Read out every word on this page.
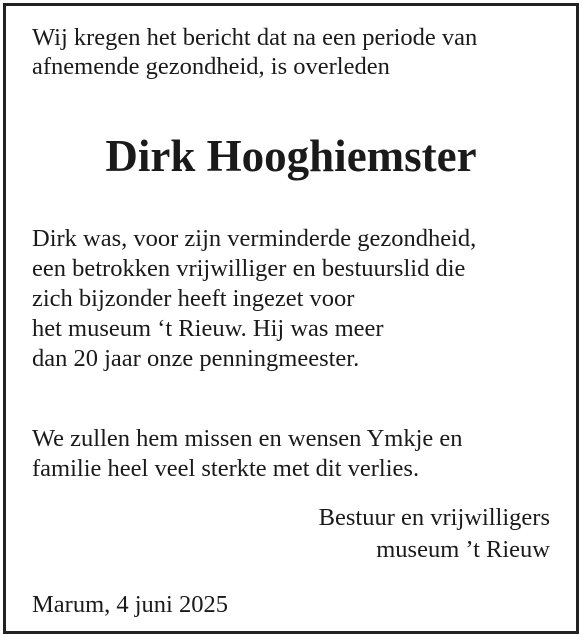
Wij kregen het bericht dat na een periode van
afnemende gezondheid, is overleden
Dirk Hooghiemster
Dirk was, voor zijn verminderde gezondheid,
een betrokken vrijwilliger en bestuurslid die
zich bijzonder heeft ingezet voor
het museum ‘t Rieuw. Hij was meer
dan 20 jaar onze penningmeester.
We zullen hem missen en wensen Ymkje en
familie heel veel sterkte met dit verlies.
Bestuur en vrijwilligers
museum ’t Rieuw
Marum, 4 juni 2025
